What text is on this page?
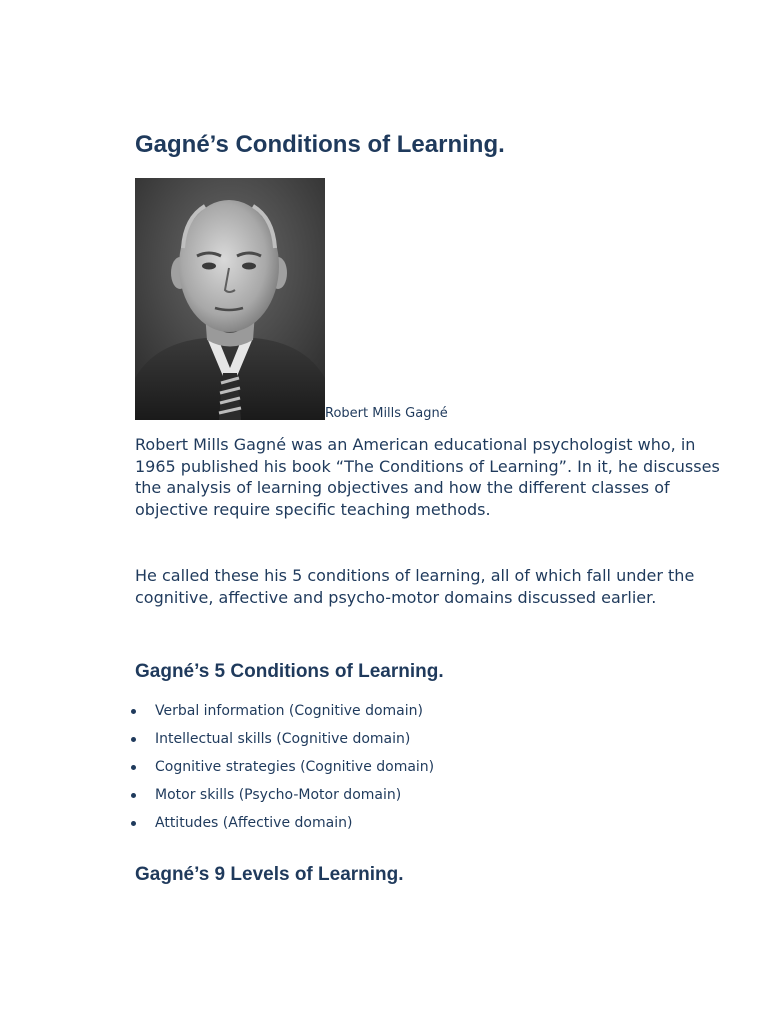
Gagné’s Conditions of Learning.
Robert Mills Gagné

Robert Mills Gagné was an American educational psychologist who, in 1965 published his book “The Conditions of Learning”. In it, he discusses the analysis of learning objectives and how the different classes of objective require specific teaching methods.

He called these his 5 conditions of learning, all of which fall under the cognitive, affective and psycho-motor domains discussed earlier.

Gagné’s 5 Conditions of Learning.
Verbal information (Cognitive domain)
Intellectual skills (Cognitive domain)
Cognitive strategies (Cognitive domain)
Motor skills (Psycho-Motor domain)
Attitudes (Affective domain)
Gagné’s 9 Levels of Learning.
